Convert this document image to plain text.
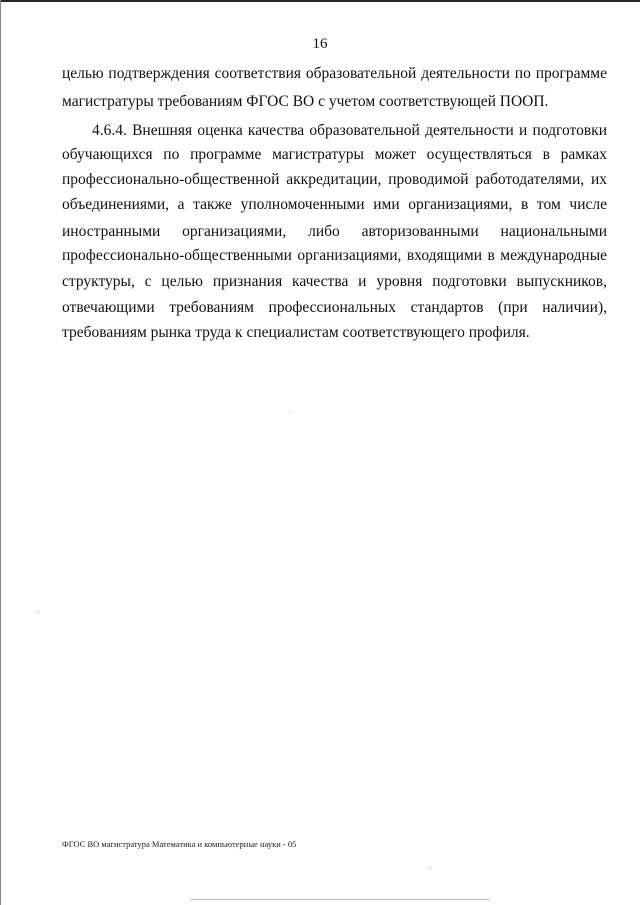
16
целью подтверждения соответствия образовательной деятельности по программе
магистратуры требованиям ФГОС ВО с учетом соответствующей ПООП.
4.6.4. Внешняя оценка качества образовательной деятельности и подготовки
обучающихся по программе магистратуры может осуществляться в рамках
профессионально-общественной аккредитации, проводимой работодателями, их
объединениями, а также уполномоченными ими организациями, в том числе
иностранными организациями, либо авторизованными национальными
профессионально-общественными организациями, входящими в международные
структуры, с целью признания качества и уровня подготовки выпускников,
отвечающими требованиям профессиональных стандартов (при наличии),
требованиям рынка труда к специалистам соответствующего профиля.
ФГОС ВО магистратура Математика и компьютерные науки - 05
